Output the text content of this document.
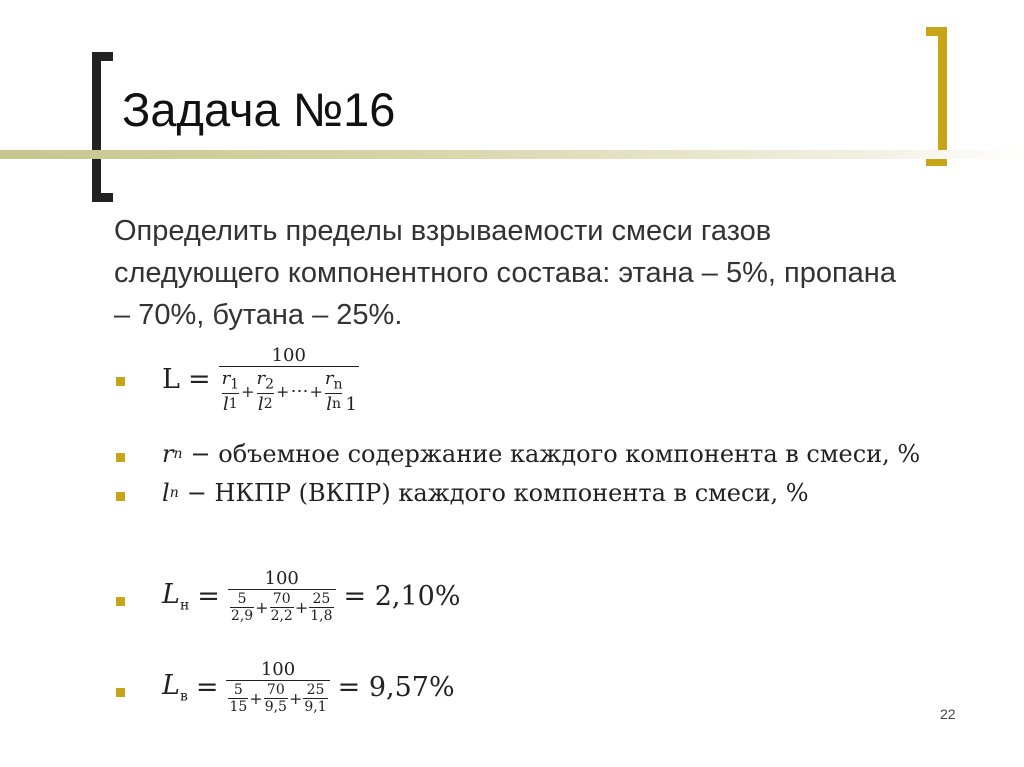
Задача №16
Определить пределы взрываемости смеси газов следующего компонентного состава: этана – 5%, пропана – 70%, бутана – 25%.
L =
100
$\frac{r_1}{l 1} + \frac{r_2}{l 2}$ + ⋯ + $\frac{r_n}{\text{l n}} 1$
r n − объемное содержание каждого компонента в смеси, %
l n − НКПР (ВКПР) каждого компонента в смеси, %
$L_н = \frac{100}{\frac{5}{2,9} + \frac{70}{2,2} + \frac{25}{1,8}} = 2,10\%$
$L_в = \frac{100}{\frac{5}{15} + \frac{70}{9,5} + \frac{25}{9,1}} = 9,57\%$
22
